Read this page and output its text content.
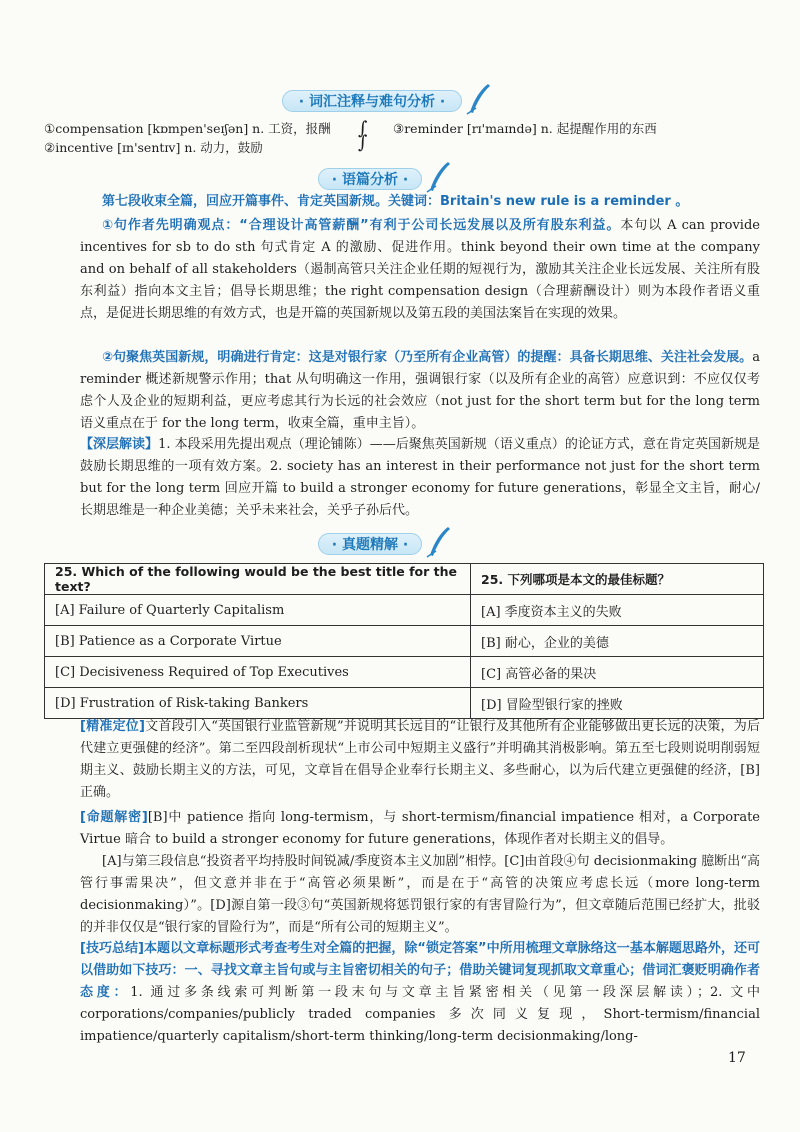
· 词汇注释与难句分析 ·
①compensation [kɒmpen'seɪʃən] n. 工资，报酬
②incentive [ɪn'sentɪv] n. 动力，鼓励
③reminder [rɪ'maɪndə] n. 起提醒作用的东西
∫ ∫
· 语篇分析 ·
第七段收束全篇，回应开篇事件、肯定英国新规。关键词：Britain's new rule is a reminder 。
①句作者先明确观点：“合理设计高管薪酬”有利于公司长远发展以及所有股东利益。本句以 A can provide incentives for sb to do sth 句式肯定 A 的激励、促进作用。think beyond their own time at the company and on behalf of all stakeholders（遏制高管只关注企业任期的短视行为，激励其关注企业长远发展、关注所有股东利益）指向本文主旨；倡导长期思维；the right compensation design（合理薪酬设计）则为本段作者语义重点，是促进长期思维的有效方式，也是开篇的英国新规以及第五段的美国法案旨在实现的效果。
②句聚焦英国新规，明确进行肯定：这是对银行家（乃至所有企业高管）的提醒：具备长期思维、关注社会发展。a reminder 概述新规警示作用；that 从句明确这一作用，强调银行家（以及所有企业的高管）应意识到：不应仅仅考虑个人及企业的短期利益，更应考虑其行为长远的社会效应（not just for the short term but for the long term 语义重点在于 for the long term，收束全篇，重申主旨）。
【深层解读】1. 本段采用先提出观点（理论铺陈）——后聚焦英国新规（语义重点）的论证方式，意在肯定英国新规是鼓励长期思维的一项有效方案。2. society has an interest in their performance not just for the short term but for the long term 回应开篇 to build a stronger economy for future generations，彰显全文主旨，耐心/长期思维是一种企业美德；关乎未来社会，关乎子孙后代。
· 真题精解 ·
25. Which of the following would be the best title for the text?	25. 下列哪项是本文的最佳标题？
[A] Failure of Quarterly Capitalism	[A] 季度资本主义的失败
[B] Patience as a Corporate Virtue	[B] 耐心，企业的美德
[C] Decisiveness Required of Top Executives	[C] 高管必备的果决
[D] Frustration of Risk-taking Bankers	[D] 冒险型银行家的挫败
[精准定位]文首段引入“英国银行业监管新规”并说明其长远目的“让银行及其他所有企业能够做出更长远的决策，为后代建立更强健的经济”。第二至四段剖析现状“上市公司中短期主义盛行”并明确其消极影响。第五至七段则说明削弱短期主义、鼓励长期主义的方法，可见，文章旨在倡导企业奉行长期主义、多些耐心，以为后代建立更强健的经济，[B]正确。
[命题解密][B]中 patience 指向 long-termism，与 short-termism/financial impatience 相对，a Corporate Virtue 暗合 to build a stronger economy for future generations，体现作者对长期主义的倡导。
[A]与第三段信息“投资者平均持股时间锐减/季度资本主义加剧”相悖。[C]由首段④句 decisionmaking 臆断出“高管行事需果决”，但文意并非在于“高管必须果断”，而是在于“高管的决策应考虑长远（more long-term decisionmaking）”。[D]源自第一段③句“英国新规将惩罚银行家的有害冒险行为”，但文章随后范围已经扩大，批驳的并非仅仅是“银行家的冒险行为”，而是“所有公司的短期主义”。
[技巧总结]本题以文章标题形式考查考生对全篇的把握，除“锁定答案”中所用梳理文章脉络这一基本解题思路外，还可以借助如下技巧：一、寻找文章主旨句或与主旨密切相关的句子；借助关键词复现抓取文章重心；借词汇褒贬明确作者态度：1. 通过多条线索可判断第一段末句与文章主旨紧密相关（见第一段深层解读）；2. 文中 corporations/companies/publicly traded companies 多次同义复现，Short-termism/financial impatience/quarterly capitalism/short-term thinking/long-term decisionmaking/long-
17
